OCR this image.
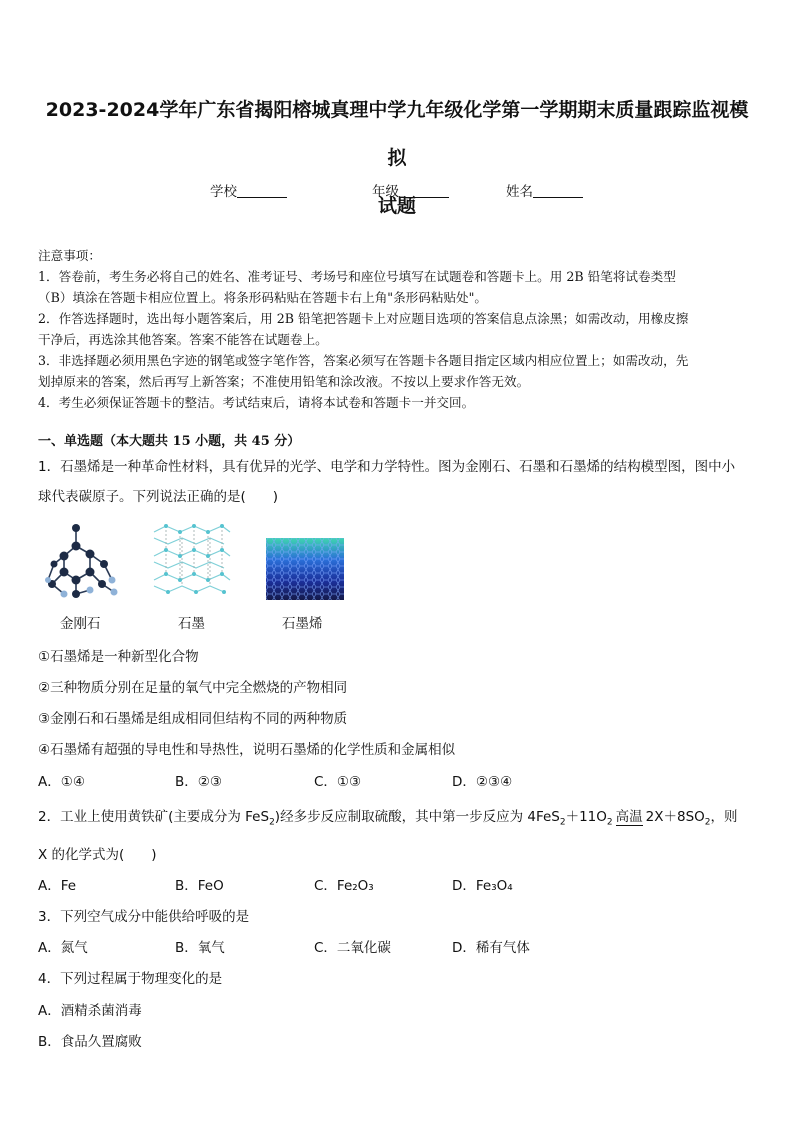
2023-2024学年广东省揭阳榕城真理中学九年级化学第一学期期末质量跟踪监视模拟
试题
学校	年级	姓名

注意事项：

1．答卷前，考生务必将自己的姓名、准考证号、考场号和座位号填写在试题卷和答题卡上。用 2B 铅笔将试卷类型

（B）填涂在答题卡相应位置上。将条形码粘贴在答题卡右上角"条形码粘贴处"。

2．作答选择题时，选出每小题答案后，用 2B 铅笔把答题卡上对应题目选项的答案信息点涂黑；如需改动，用橡皮擦

干净后，再选涂其他答案。答案不能答在试题卷上。

3．非选择题必须用黑色字迹的钢笔或签字笔作答，答案必须写在答题卡各题目指定区域内相应位置上；如需改动，先

划掉原来的答案，然后再写上新答案；不准使用铅笔和涂改液。不按以上要求作答无效。

4．考生必须保证答题卡的整洁。考试结束后，请将本试卷和答题卡一并交回。

一、单选题（本大题共 15 小题，共 45 分）
1．石墨烯是一种革命性材料，具有优异的光学、电学和力学特性。图为金刚石、石墨和石墨烯的结构模型图，图中小
球代表碳原子。下列说法正确的是(　　)
金刚石	石墨	石墨烯
①石墨烯是一种新型化合物
②三种物质分别在足量的氧气中完全燃烧的产物相同
③金刚石和石墨烯是组成相同但结构不同的两种物质
④石墨烯有超强的导电性和导热性，说明石墨烯的化学性质和金属相似
A．①④	B．②③	C．①③	D．②③④
2．工业上使用黄铁矿(主要成分为 FeS$_2$)经多步反应制取硫酸，其中第一步反应为 $4FeS_2+11O_2$ 高温 $2X+8SO_2$，则
X 的化学式为(　　)
A．Fe	B．FeO	C．Fe₂O₃	D．Fe₃O₄
3．下列空气成分中能供给呼吸的是
A．氮气	B．氧气	C．二氧化碳	D．稀有气体
4．下列过程属于物理变化的是
A．酒精杀菌消毒
B．食品久置腐败
